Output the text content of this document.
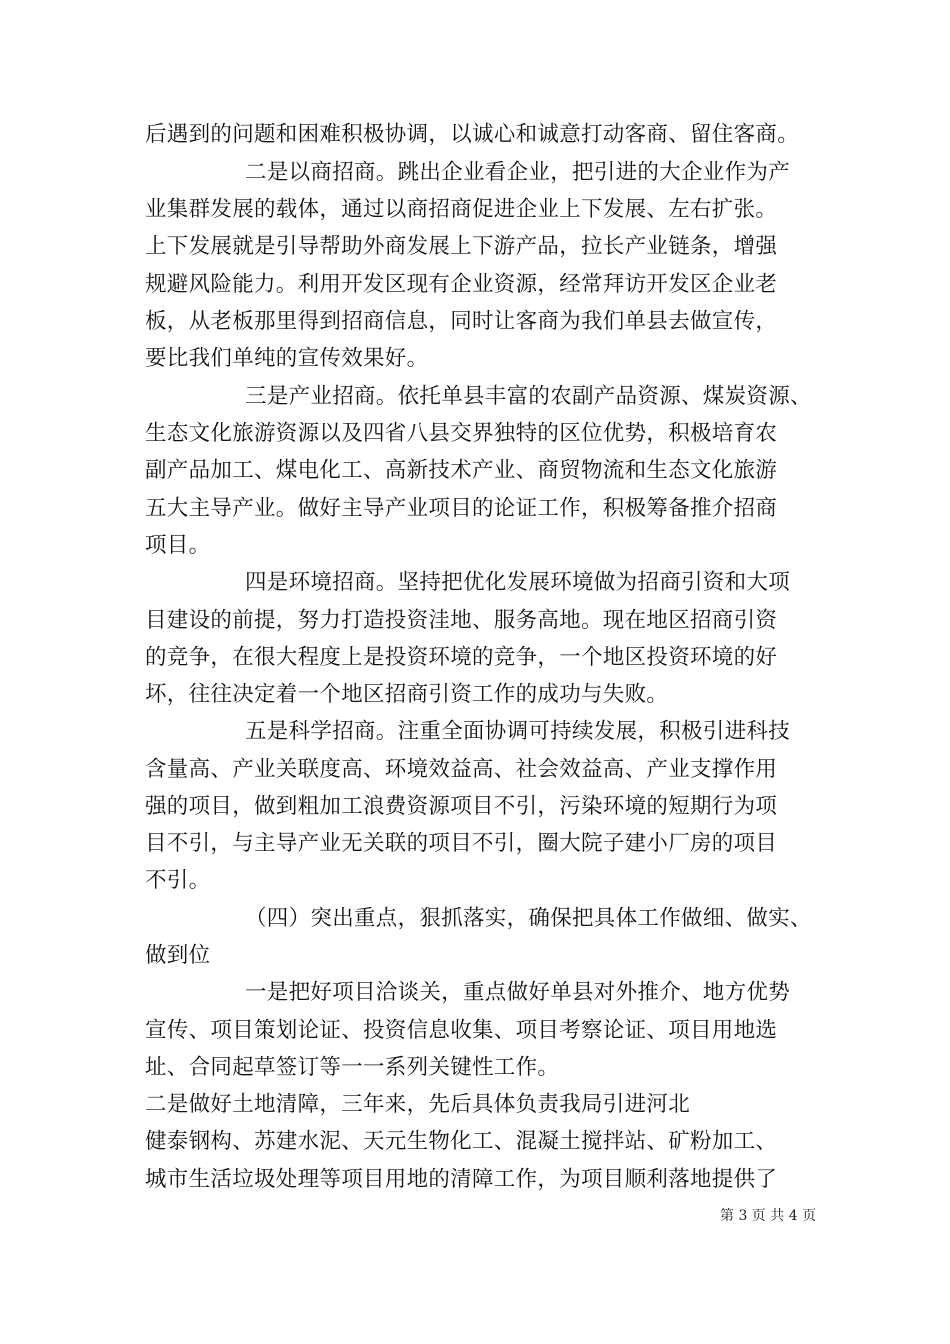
后遇到的问题和困难积极协调，以诚心和诚意打动客商、留住客商。
二是以商招商。跳出企业看企业，把引进的大企业作为产
业集群发展的载体，通过以商招商促进企业上下发展、左右扩张。
上下发展就是引导帮助外商发展上下游产品，拉长产业链条，增强
规避风险能力。利用开发区现有企业资源，经常拜访开发区企业老
板，从老板那里得到招商信息，同时让客商为我们单县去做宣传，
要比我们单纯的宣传效果好。
三是产业招商。依托单县丰富的农副产品资源、煤炭资源、
生态文化旅游资源以及四省八县交界独特的区位优势，积极培育农
副产品加工、煤电化工、高新技术产业、商贸物流和生态文化旅游
五大主导产业。做好主导产业项目的论证工作，积极筹备推介招商
项目。
四是环境招商。坚持把优化发展环境做为招商引资和大项
目建设的前提，努力打造投资洼地、服务高地。现在地区招商引资
的竞争，在很大程度上是投资环境的竞争，一个地区投资环境的好
坏，往往决定着一个地区招商引资工作的成功与失败。
五是科学招商。注重全面协调可持续发展，积极引进科技
含量高、产业关联度高、环境效益高、社会效益高、产业支撑作用
强的项目，做到粗加工浪费资源项目不引，污染环境的短期行为项
目不引，与主导产业无关联的项目不引，圈大院子建小厂房的项目
不引。
（四）突出重点，狠抓落实，确保把具体工作做细、做实、
做到位
一是把好项目洽谈关，重点做好单县对外推介、地方优势
宣传、项目策划论证、投资信息收集、项目考察论证、项目用地选
址、合同起草签订等一一系列关键性工作。
二是做好土地清障，三年来，先后具体负责我局引进河北
健泰钢构、苏建水泥、天元生物化工、混凝土搅拌站、矿粉加工、
城市生活垃圾处理等项目用地的清障工作，为项目顺利落地提供了
第 3 页 共 4 页
